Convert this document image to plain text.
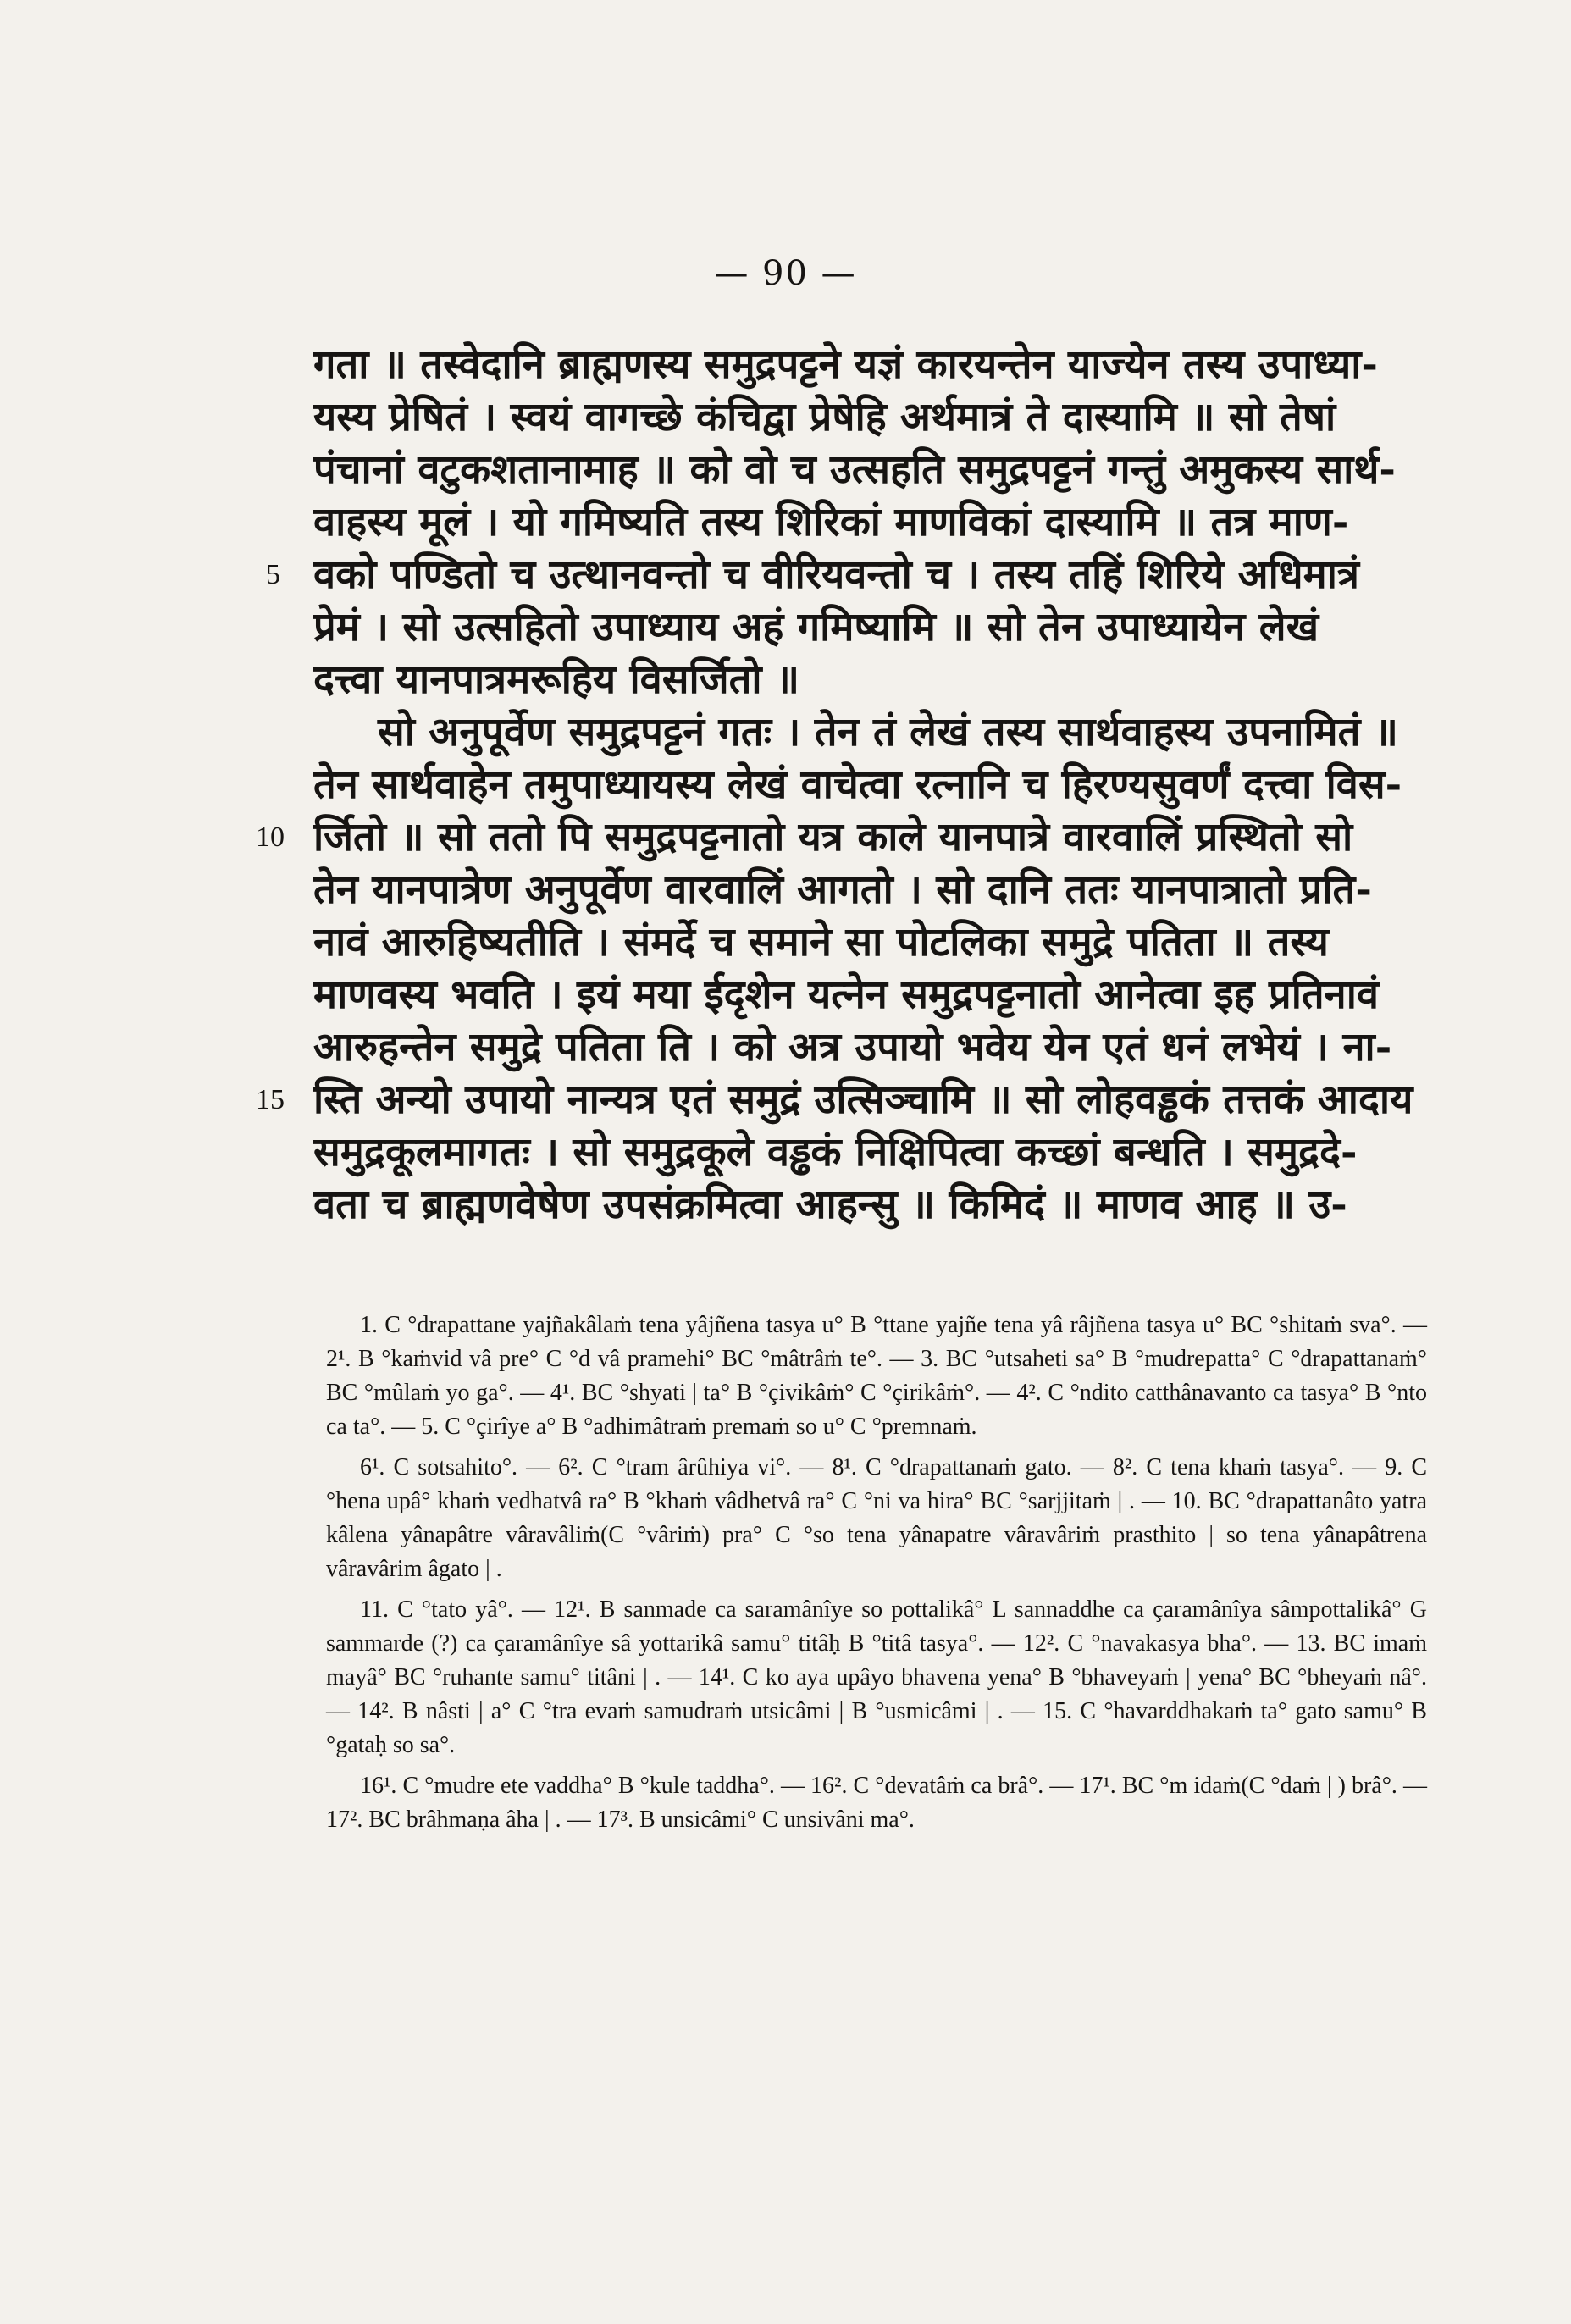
— 90 —
गता ॥ तस्वेदानि ब्राह्मणस्य समुद्रपट्टने यज्ञं कारयन्तेन याज्येन तस्य उपाध्या-
यस्य प्रेषितं । स्वयं वागच्छे कंचिद्वा प्रेषेहि अर्थमात्रं ते दास्यामि ॥ सो तेषां
पंचानां वटुकशतानामाह ॥ को वो च उत्सहति समुद्रपट्टनं गन्तुं अमुकस्य सार्थ-
वाहस्य मूलं । यो गमिष्यति तस्य शिरिकां माणविकां दास्यामि ॥ तत्र माण-
5 वको पण्डितो च उत्थानवन्तो च वीरियवन्तो च । तस्य तहिं शिरिये अधिमात्रं
प्रेमं । सो उत्सहितो उपाध्याय अहं गमिष्यामि ॥ सो तेन उपाध्यायेन लेखं
दत्त्वा यानपात्रमरूहिय विसर्जितो ॥
सो अनुपूर्वेण समुद्रपट्टनं गतः । तेन तं लेखं तस्य सार्थवाहस्य उपनामितं ॥
तेन सार्थवाहेन तमुपाध्यायस्य लेखं वाचेत्वा रत्नानि च हिरण्यसुवर्णं दत्त्वा विस-
10 र्जितो ॥ सो ततो पि समुद्रपट्टनातो यत्र काले यानपात्रे वारवालिं प्रस्थितो सो
तेन यानपात्रेण अनुपूर्वेण वारवालिं आगतो । सो दानि ततः यानपात्रातो प्रति-
नावं आरुहिष्यतीति । संमर्दे च समाने सा पोटलिका समुद्रे पतिता ॥ तस्य
माणवस्य भवति । इयं मया ईदृशेन यत्नेन समुद्रपट्टनातो आनेत्वा इह प्रतिनावं
आरुहन्तेन समुद्रे पतिता ति । को अत्र उपायो भवेय येन एतं धनं लभेयं । ना-
15 स्ति अन्यो उपायो नान्यत्र एतं समुद्रं उत्सिञ्चामि ॥ सो लोहवड्ढकं तत्तकं आदाय
समुद्रकूलमागतः । सो समुद्रकूले वड्ढकं निक्षिपित्वा कच्छां बन्धति । समुद्रदे-
वता च ब्राह्मणवेषेण उपसंक्रमित्वा आहन्सु ॥ किमिदं ॥ माणव आह ॥ उ-

1. C °drapattane yajñakâlaṁ tena yâjñena tasya u° B °ttane yajñe tena yâ râjñena tasya u° BC °shitaṁ sva°. — 2¹. B °kaṁvid vâ pre° C °d vâ pramehi° BC °mâtrâṁ te°. — 3. BC °utsaheti sa° B °mudrepatta° C °drapattanaṁ° BC °mûlaṁ yo ga°. — 4¹. BC °shyati | ta° B °çivikâṁ° C °çirikâṁ°. — 4². C °ndito catthânavanto ca tasya° B °nto ca ta°. — 5. C °çirîye a° B °adhimâtraṁ premaṁ so u° C °premnaṁ.

6¹. C sotsahito°. — 6². C °tram ârûhiya vi°. — 8¹. C °drapattanaṁ gato. — 8². C tena khaṁ tasya°. — 9. C °hena upâ° khaṁ vedhatvâ ra° B °khaṁ vâdhetvâ ra° C °ni va hira° BC °sarjjitaṁ | . — 10. BC °drapattanâto yatra kâlena yânapâtre vâravâliṁ(C °vâriṁ) pra° C °so tena yânapatre vâravâriṁ prasthito | so tena yânapâtrena vâravârim âgato | .

11. C °tato yâ°. — 12¹. B sanmade ca saramânîye so pottalikâ° L sannaddhe ca çaramânîya sâmpottalikâ° G sammarde (?) ca çaramânîye sâ yottarikâ samu° titâḥ B °titâ tasya°. — 12². C °navakasya bha°. — 13. BC imaṁ mayâ° BC °ruhante samu° titâni | . — 14¹. C ko aya upâyo bhavena yena° B °bhaveyaṁ | yena° BC °bheyaṁ nâ°. — 14². B nâsti | a° C °tra evaṁ samudraṁ utsicâmi | B °usmicâmi | . — 15. C °havarddhakaṁ ta° gato samu° B °gataḥ so sa°.

16¹. C °mudre ete vaddha° B °kule taddha°. — 16². C °devatâṁ ca brâ°. — 17¹. BC °m idaṁ(C °daṁ | ) brâ°. — 17². BC brâhmaṇa âha | . — 17³. B unsicâmi° C unsivâni ma°.
